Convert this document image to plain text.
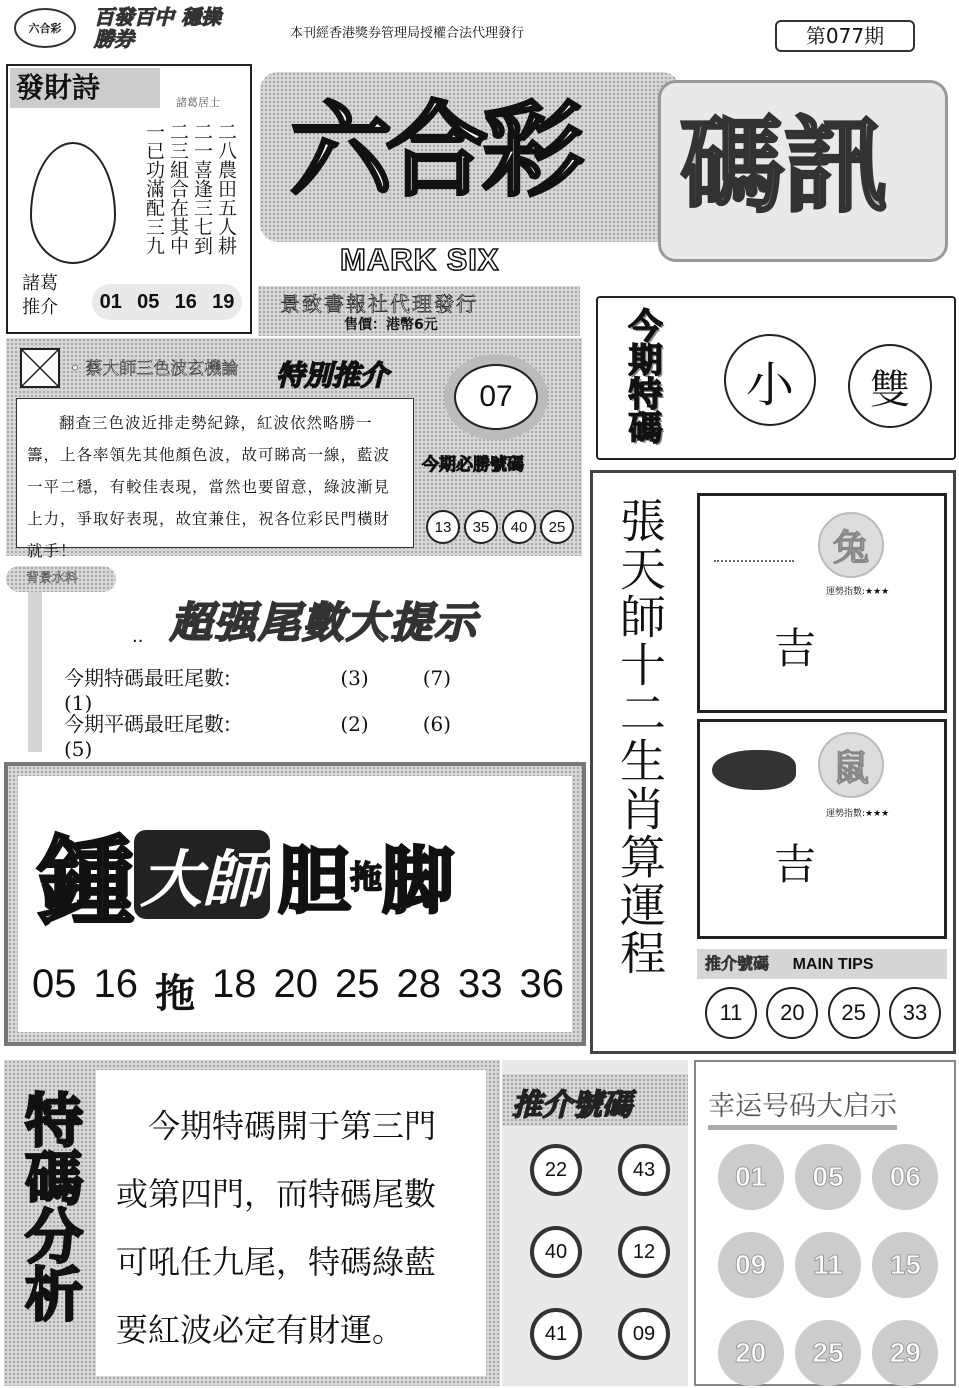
六合彩 百發百中 穩操勝券	本刊經香港獎券管理局授權合法代理發行	第077期
發財詩	諸葛居士
二八農田五人耕
二一喜逢三七到
二三組合在其中
一已功滿配三九
諸葛推介	01 05 16 19
六合彩 碼訊
MARK SIX
景致書報社代理發行
售價：港幣6元	今期特碼 小 雙
• 蔡大師三色波玄機論 特別推介
翻查三色波近排走勢紀錄，紅波依然略勝一籌，上各率領先其他顏色波，故可睇高一線，藍波一平二穩，有較佳表現，當然也要留意，綠波漸見上力，爭取好表現，故宜兼住，祝各位彩民門橫財就手！
07
今期必勝號碼
13	35	40	25
背景水料
超强尾數大提示
..
今期特碼最旺尾數:	(3)	(7) (1)
今期平碼最旺尾數:	(2)	(6) (5)	張天師十二生肖算運程	兔
運勢指數:★★★
吉
鼠
運勢指數:★★★
吉
推介號碼 MAIN TIPS
11	20	25	33
鍾 大師 胆 拖 脚
05 16 拖 18 20 25 28 33 36
特碼分析	今期特碼開于第三門
或第四門，而特碼尾數
可吼任九尾，特碼綠藍
要紅波必定有財運。
推介號碼
22	43
40	12
41	09
幸运号码大启示
01	05	06
09	11	15
20	25	29
